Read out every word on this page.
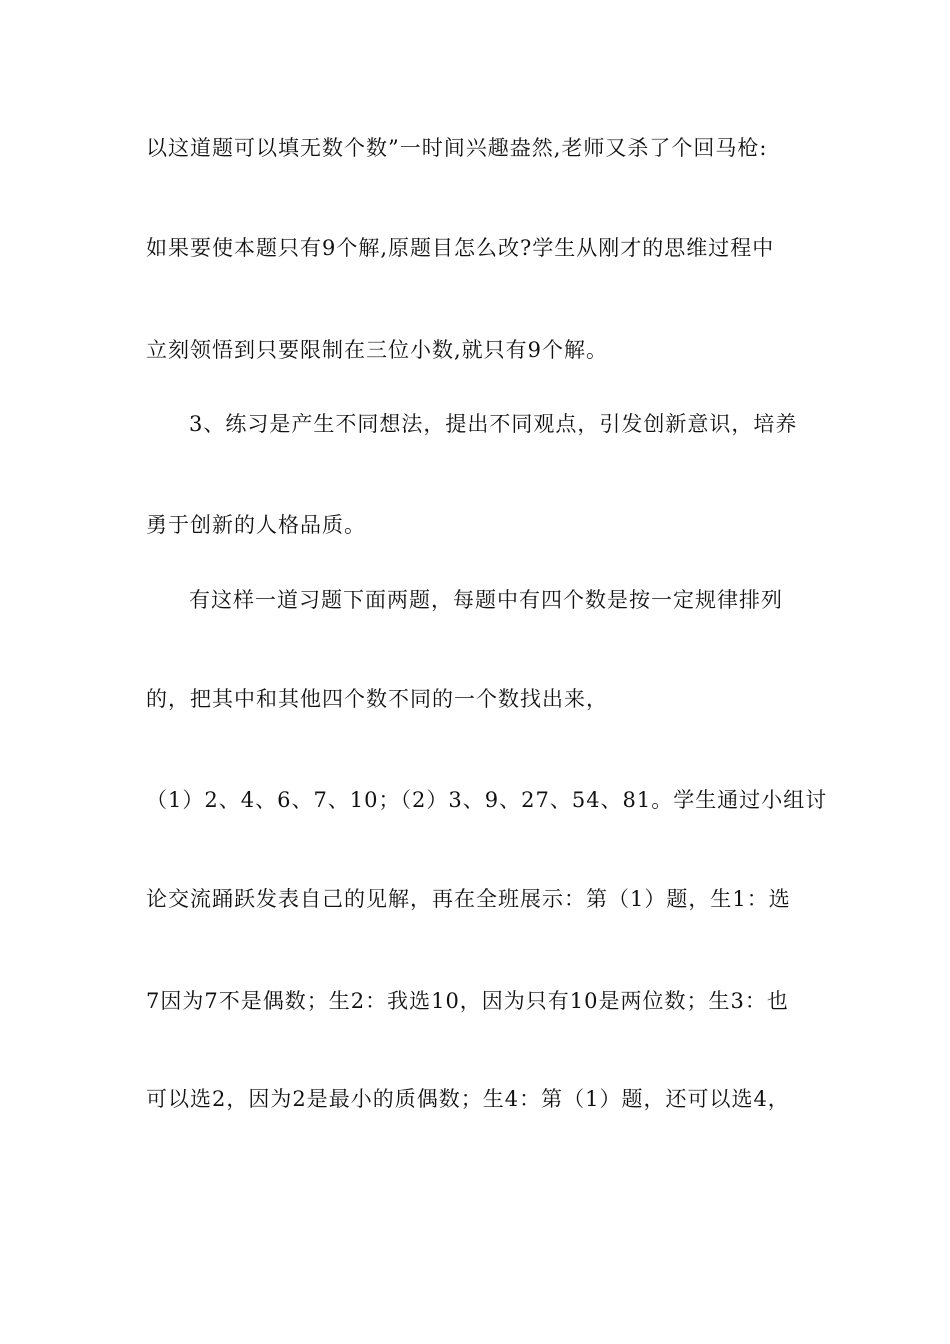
以这道题可以填无数个数”一时间兴趣盎然,老师又杀了个回马枪:
如果要使本题只有9个解,原题目怎么改?学生从刚才的思维过程中
立刻领悟到只要限制在三位小数,就只有9个解。
3、练习是产生不同想法，提出不同观点，引发创新意识，培养
勇于创新的人格品质。
有这样一道习题下面两题，每题中有四个数是按一定规律排列
的，把其中和其他四个数不同的一个数找出来，
（1）2、4、6、7、10；（2）3、9、27、54、81。学生通过小组讨
论交流踊跃发表自己的见解，再在全班展示：第（1）题，生1：选
7因为7不是偶数；生2：我选10，因为只有10是两位数；生3：也
可以选2，因为2是最小的质偶数；生4：第（1）题，还可以选4，
